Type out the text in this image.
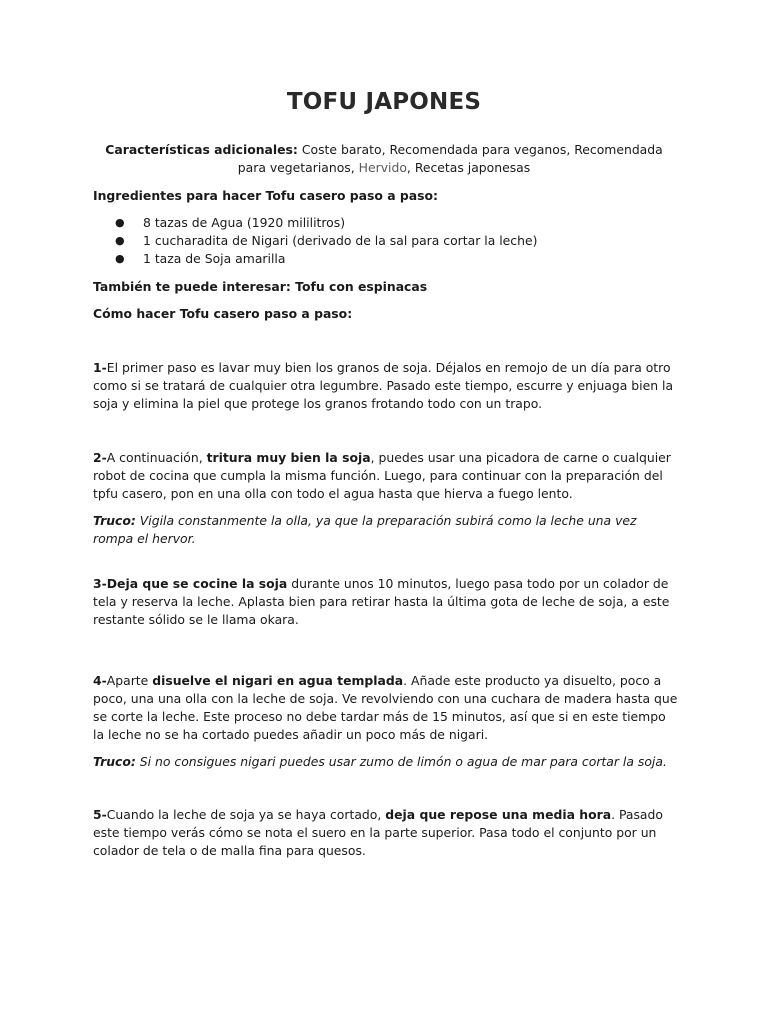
TOFU JAPONES
Características adicionales: Coste barato, Recomendada para veganos, Recomendada para vegetarianos, Hervido, Recetas japonesas
Ingredientes para hacer Tofu casero paso a paso:
● 8 tazas de Agua (1920 mililitros)
● 1 cucharadita de Nigari (derivado de la sal para cortar la leche)
● 1 taza de Soja amarilla
También te puede interesar: Tofu con espinacas
Cómo hacer Tofu casero paso a paso:
1-El primer paso es lavar muy bien los granos de soja. Déjalos en remojo de un día para otro como si se tratará de cualquier otra legumbre. Pasado este tiempo, escurre y enjuaga bien la soja y elimina la piel que protege los granos frotando todo con un trapo.
2-A continuación, tritura muy bien la soja, puedes usar una picadora de carne o cualquier robot de cocina que cumpla la misma función. Luego, para continuar con la preparación del tpfu casero, pon en una olla con todo el agua hasta que hierva a fuego lento.
Truco: Vigila constanmente la olla, ya que la preparación subirá como la leche una vez rompa el hervor.
3-Deja que se cocine la soja durante unos 10 minutos, luego pasa todo por un colador de tela y reserva la leche. Aplasta bien para retirar hasta la última gota de leche de soja, a este restante sólido se le llama okara.
4-Aparte disuelve el nigari en agua templada. Añade este producto ya disuelto, poco a poco, una una olla con la leche de soja. Ve revolviendo con una cuchara de madera hasta que se corte la leche. Este proceso no debe tardar más de 15 minutos, así que si en este tiempo la leche no se ha cortado puedes añadir un poco más de nigari.
Truco: Si no consigues nigari puedes usar zumo de limón o agua de mar para cortar la soja.
5-Cuando la leche de soja ya se haya cortado, deja que repose una media hora. Pasado este tiempo verás cómo se nota el suero en la parte superior. Pasa todo el conjunto por un colador de tela o de malla fina para quesos.
